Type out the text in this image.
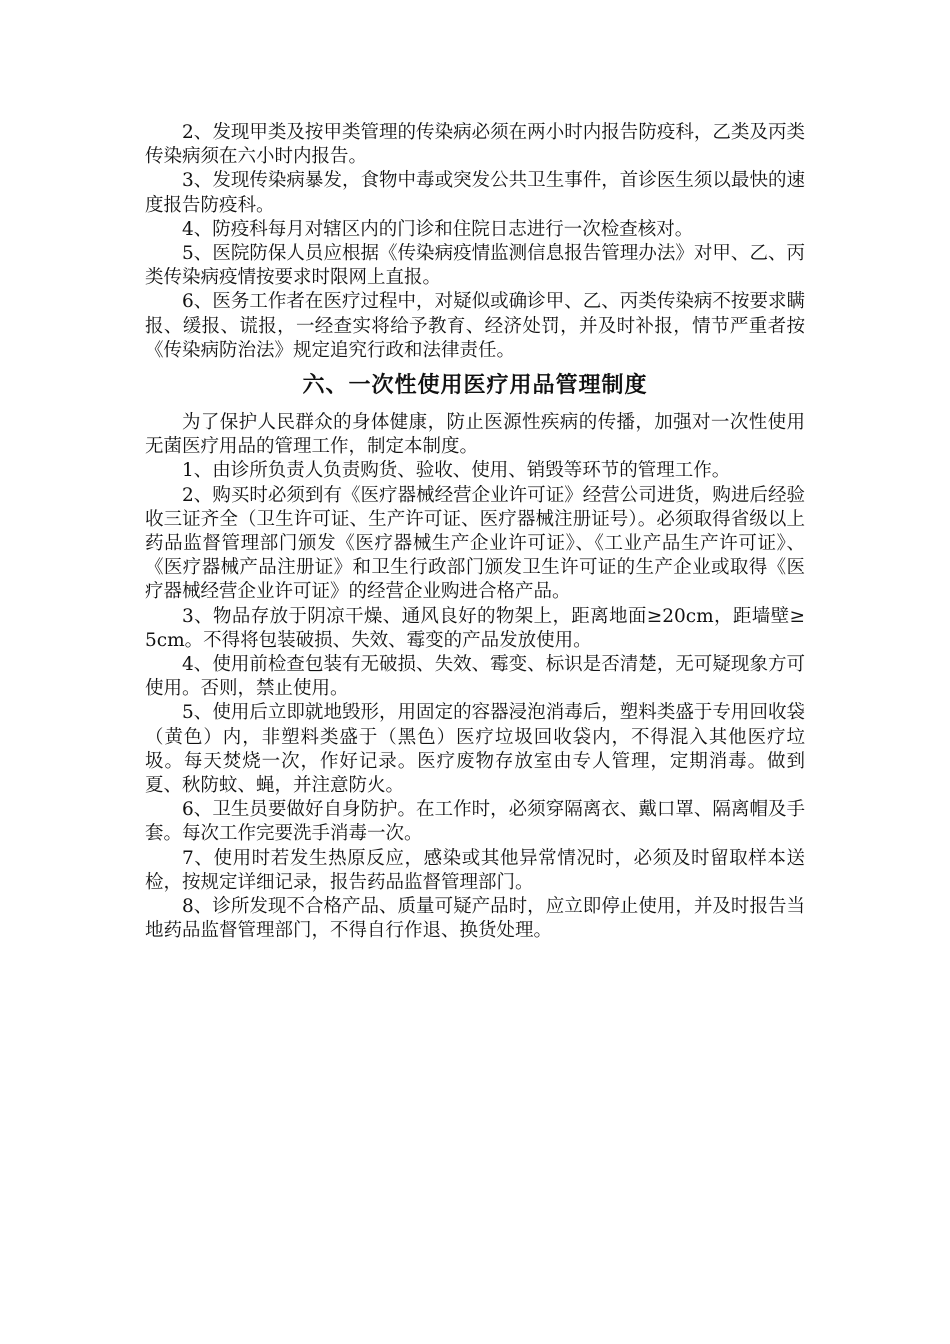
2、发现甲类及按甲类管理的传染病必须在两小时内报告防疫科，乙类及丙类传染病须在六小时内报告。

3、发现传染病暴发，食物中毒或突发公共卫生事件，首诊医生须以最快的速度报告防疫科。

4、防疫科每月对辖区内的门诊和住院日志进行一次检查核对。

5、医院防保人员应根据《传染病疫情监测信息报告管理办法》对甲、乙、丙类传染病疫情按要求时限网上直报。

6、医务工作者在医疗过程中，对疑似或确诊甲、乙、丙类传染病不按要求瞒报、缓报、谎报，一经查实将给予教育、经济处罚，并及时补报，情节严重者按《传染病防治法》规定追究行政和法律责任。

六、一次性使用医疗用品管理制度

为了保护人民群众的身体健康，防止医源性疾病的传播，加强对一次性使用无菌医疗用品的管理工作，制定本制度。

1、由诊所负责人负责购货、验收、使用、销毁等环节的管理工作。

2、购买时必须到有《医疗器械经营企业许可证》经营公司进货，购进后经验收三证齐全（卫生许可证、生产许可证、医疗器械注册证号）。必须取得省级以上药品监督管理部门颁发《医疗器械生产企业许可证》、《工业产品生产许可证》、《医疗器械产品注册证》和卫生行政部门颁发卫生许可证的生产企业或取得《医疗器械经营企业许可证》的经营企业购进合格产品。

3、物品存放于阴凉干燥、通风良好的物架上，距离地面≥20cm，距墙壁≥5cm。不得将包装破损、失效、霉变的产品发放使用。

4、使用前检查包装有无破损、失效、霉变、标识是否清楚，无可疑现象方可使用。否则，禁止使用。

5、使用后立即就地毁形，用固定的容器浸泡消毒后，塑料类盛于专用回收袋（黄色）内，非塑料类盛于（黑色）医疗垃圾回收袋内，不得混入其他医疗垃圾。每天焚烧一次，作好记录。医疗废物存放室由专人管理，定期消毒。做到夏、秋防蚊、蝇，并注意防火。

6、卫生员要做好自身防护。在工作时，必须穿隔离衣、戴口罩、隔离帽及手套。每次工作完要洗手消毒一次。

7、使用时若发生热原反应，感染或其他异常情况时，必须及时留取样本送检，按规定详细记录，报告药品监督管理部门。

8、诊所发现不合格产品、质量可疑产品时，应立即停止使用，并及时报告当地药品监督管理部门，不得自行作退、换货处理。
